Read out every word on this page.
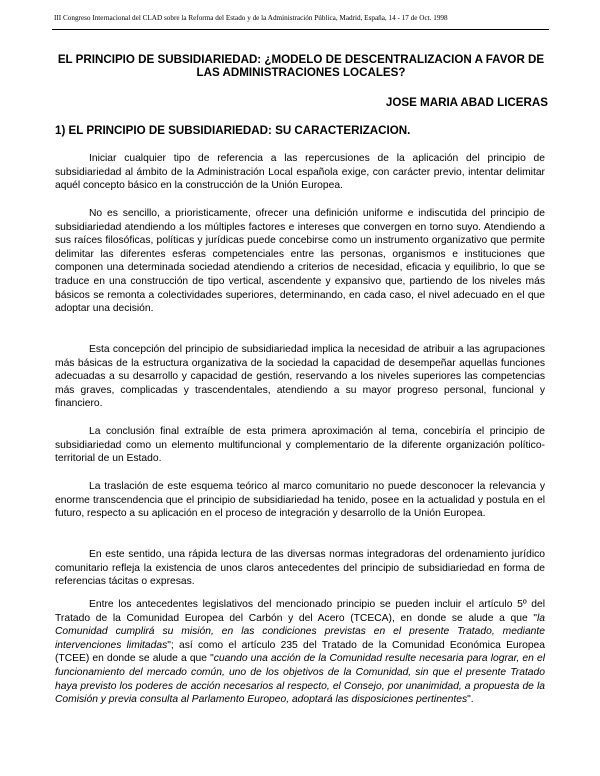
III Congreso Internacional del CLAD sobre la Reforma del Estado y de la Administración Pública, Madrid, España, 14 - 17 de Oct. 1998
EL PRINCIPIO DE SUBSIDIARIEDAD: ¿MODELO DE DESCENTRALIZACION A FAVOR DE LAS ADMINISTRACIONES LOCALES?

JOSE MARIA ABAD LICERAS

1) EL PRINCIPIO DE SUBSIDIARIEDAD: SU CARACTERIZACION.

Iniciar cualquier tipo de referencia a las repercusiones de la aplicación del principio de subsidiariedad al ámbito de la Administración Local española exige, con carácter previo, intentar delimitar aquél concepto básico en la construcción de la Unión Europea.

No es sencillo, a prioristicamente, ofrecer una definición uniforme e indiscutida del principio de subsidiariedad atendiendo a los múltiples factores e intereses que convergen en torno suyo. Atendiendo a sus raíces filosóficas, políticas y jurídicas puede concebirse como un instrumento organizativo que permite delimitar las diferentes esferas competenciales entre las personas, organismos e instituciones que componen una determinada sociedad atendiendo a criterios de necesidad, eficacia y equilibrio, lo que se traduce en una construcción de tipo vertical, ascendente y expansivo que, partiendo de los niveles más básicos se remonta a colectividades superiores, determinando, en cada caso, el nivel adecuado en el que adoptar una decisión.

Esta concepción del principio de subsidiariedad implica la necesidad de atribuir a las agrupaciones más básicas de la estructura organizativa de la sociedad la capacidad de desempeñar aquellas funciones adecuadas a su desarrollo y capacidad de gestión, reservando a los niveles superiores las competencias más graves, complicadas y trascendentales, atendiendo a su mayor progreso personal, funcional y financiero.

La conclusión final extraíble de esta primera aproximación al tema, concebiría el principio de subsidiariedad como un elemento multifuncional y complementario de la diferente organización político-territorial de un Estado.

La traslación de este esquema teórico al marco comunitario no puede desconocer la relevancia y enorme transcendencia que el principio de subsidiariedad ha tenido, posee en la actualidad y postula en el futuro, respecto a su aplicación en el proceso de integración y desarrollo de la Unión Europea.

En este sentido, una rápida lectura de las diversas normas integradoras del ordenamiento jurídico comunitario refleja la existencia de unos claros antecedentes del principio de subsidiariedad en forma de referencias tácitas o expresas.

Entre los antecedentes legislativos del mencionado principio se pueden incluir el artículo 5º del Tratado de la Comunidad Europea del Carbón y del Acero (TCECA), en donde se alude a que "la Comunidad cumplirá su misión, en las condiciones previstas en el presente Tratado, mediante intervenciones limitadas"; así como el artículo 235 del Tratado de la Comunidad Económica Europea (TCEE) en donde se alude a que "cuando una acción de la Comunidad resulte necesaria para lograr, en el funcionamiento del mercado común, uno de los objetivos de la Comunidad, sin que el presente Tratado haya previsto los poderes de acción necesarios al respecto, el Consejo, por unanimidad, a propuesta de la Comisión y previa consulta al Parlamento Europeo, adoptará las disposiciones pertinentes".
